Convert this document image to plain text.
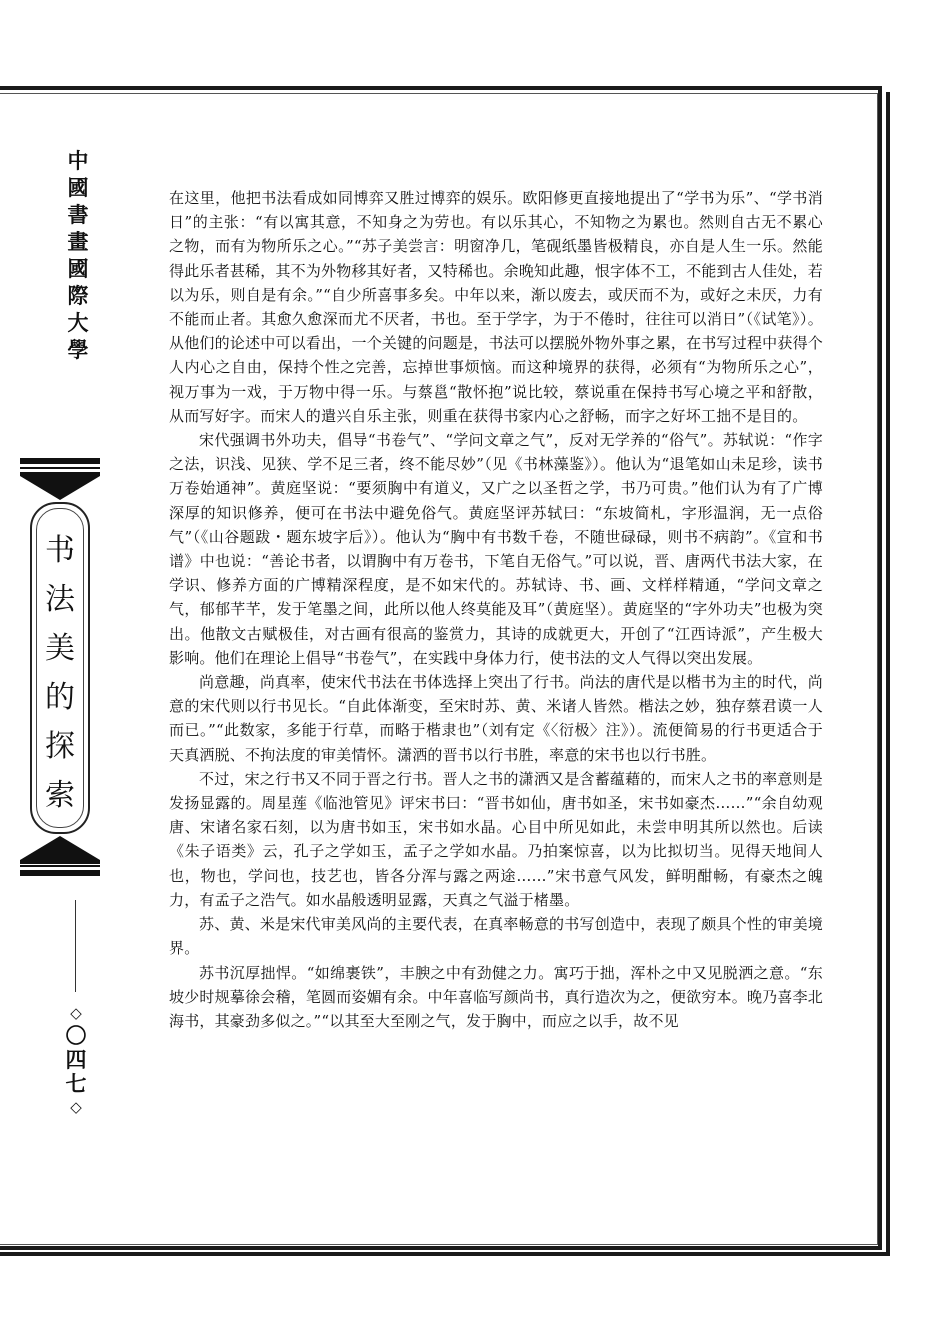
中
國
書
畫
國
際
大
學
书
法
美
的
探
索
◇
〇
四
七
◇

在这里，他把书法看成如同博弈又胜过博弈的娱乐。欧阳修更直接地提出了“学书为乐”、“学书消日”的主张：“有以寓其意，不知身之为劳也。有以乐其心，不知物之为累也。然则自古无不累心之物，而有为物所乐之心。”“苏子美尝言：明窗净几，笔砚纸墨皆极精良，亦自是人生一乐。然能得此乐者甚稀，其不为外物移其好者，又特稀也。余晚知此趣，恨字体不工，不能到古人佳处，若以为乐，则自是有余。”“自少所喜事多矣。中年以来，渐以废去，或厌而不为，或好之未厌，力有不能而止者。其愈久愈深而尤不厌者，书也。至于学字，为于不倦时，往往可以消日”（《试笔》）。从他们的论述中可以看出，一个关键的问题是，书法可以摆脱外物外事之累，在书写过程中获得个人内心之自由，保持个性之完善，忘掉世事烦恼。而这种境界的获得，必须有“为物所乐之心”，视万事为一戏，于万物中得一乐。与蔡邕“散怀抱”说比较，蔡说重在保持书写心境之平和舒散，从而写好字。而宋人的遣兴自乐主张，则重在获得书家内心之舒畅，而字之好坏工拙不是目的。

宋代强调书外功夫，倡导“书卷气”、“学问文章之气”，反对无学养的“俗气”。苏轼说：“作字之法，识浅、见狭、学不足三者，终不能尽妙”（见《书林藻鉴》）。他认为“退笔如山未足珍，读书万卷始通神”。黄庭坚说：“要须胸中有道义，又广之以圣哲之学，书乃可贵。”他们认为有了广博深厚的知识修养，便可在书法中避免俗气。黄庭坚评苏轼曰：“东坡简札，字形温润，无一点俗气”（《山谷题跋・题东坡字后》）。他认为“胸中有书数千卷，不随世碌碌，则书不病韵”。《宣和书谱》中也说：“善论书者，以谓胸中有万卷书，下笔自无俗气。”可以说，晋、唐两代书法大家，在学识、修养方面的广博精深程度，是不如宋代的。苏轼诗、书、画、文样样精通，“学问文章之气，郁郁芊芊，发于笔墨之间，此所以他人终莫能及耳”（黄庭坚）。黄庭坚的“字外功夫”也极为突出。他散文古赋极佳，对古画有很高的鉴赏力，其诗的成就更大，开创了“江西诗派”，产生极大影响。他们在理论上倡导“书卷气”，在实践中身体力行，使书法的文人气得以突出发展。

尚意趣，尚真率，使宋代书法在书体选择上突出了行书。尚法的唐代是以楷书为主的时代，尚意的宋代则以行书见长。“自此体渐变，至宋时苏、黄、米诸人皆然。楷法之妙，独存蔡君谟一人而已。”“此数家，多能于行草，而略于楷隶也”（刘有定《〈衍极〉注》）。流便简易的行书更适合于天真洒脱、不拘法度的审美情怀。潇洒的晋书以行书胜，率意的宋书也以行书胜。

不过，宋之行书又不同于晋之行书。晋人之书的潇洒又是含蓄蕴藉的，而宋人之书的率意则是发扬显露的。周星莲《临池管见》评宋书曰：“晋书如仙，唐书如圣，宋书如豪杰……”“余自幼观唐、宋诸名家石刻，以为唐书如玉，宋书如水晶。心目中所见如此，未尝申明其所以然也。后读《朱子语类》云，孔子之学如玉，孟子之学如水晶。乃拍案惊喜，以为比拟切当。见得天地间人也，物也，学问也，技艺也，皆各分浑与露之两途……”宋书意气风发，鲜明酣畅，有豪杰之魄力，有孟子之浩气。如水晶般透明显露，天真之气溢于楮墨。

苏、黄、米是宋代审美风尚的主要代表，在真率畅意的书写创造中，表现了颇具个性的审美境界。

苏书沉厚拙悍。“如绵裹铁”，丰腴之中有劲健之力。寓巧于拙，浑朴之中又见脱洒之意。“东坡少时规摹徐会稽，笔圆而姿媚有余。中年喜临写颜尚书，真行造次为之，便欲穷本。晚乃喜李北海书，其豪劲多似之。”“以其至大至刚之气，发于胸中，而应之以手，故不见
